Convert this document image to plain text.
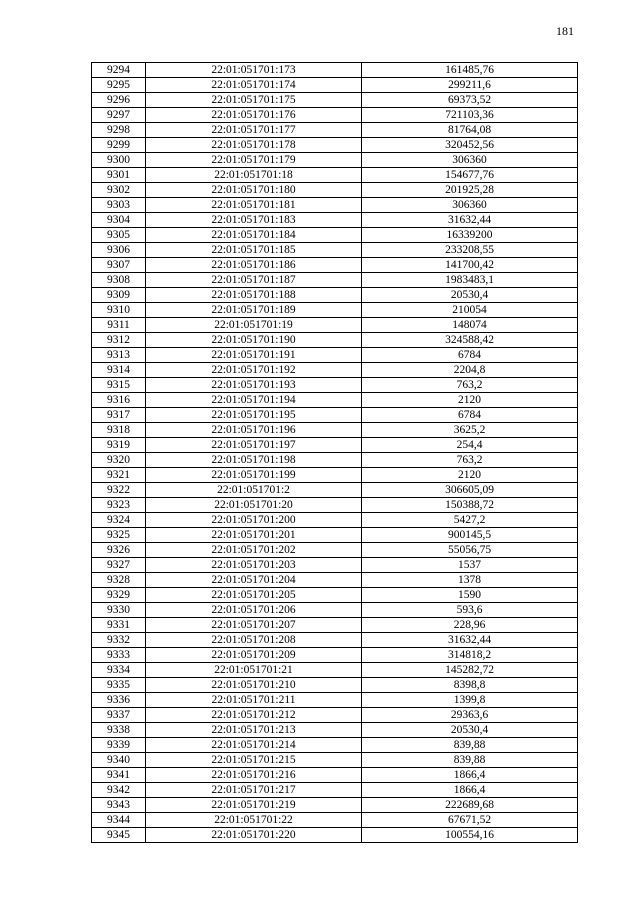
181
9294	22:01:051701:173	161485,76
9295	22:01:051701:174	299211,6
9296	22:01:051701:175	69373,52
9297	22:01:051701:176	721103,36
9298	22:01:051701:177	81764,08
9299	22:01:051701:178	320452,56
9300	22:01:051701:179	306360
9301	22:01:051701:18	154677,76
9302	22:01:051701:180	201925,28
9303	22:01:051701:181	306360
9304	22:01:051701:183	31632,44
9305	22:01:051701:184	16339200
9306	22:01:051701:185	233208,55
9307	22:01:051701:186	141700,42
9308	22:01:051701:187	1983483,1
9309	22:01:051701:188	20530,4
9310	22:01:051701:189	210054
9311	22:01:051701:19	148074
9312	22:01:051701:190	324588,42
9313	22:01:051701:191	6784
9314	22:01:051701:192	2204,8
9315	22:01:051701:193	763,2
9316	22:01:051701:194	2120
9317	22:01:051701:195	6784
9318	22:01:051701:196	3625,2
9319	22:01:051701:197	254,4
9320	22:01:051701:198	763,2
9321	22:01:051701:199	2120
9322	22:01:051701:2	306605,09
9323	22:01:051701:20	150388,72
9324	22:01:051701:200	5427,2
9325	22:01:051701:201	900145,5
9326	22:01:051701:202	55056,75
9327	22:01:051701:203	1537
9328	22:01:051701:204	1378
9329	22:01:051701:205	1590
9330	22:01:051701:206	593,6
9331	22:01:051701:207	228,96
9332	22:01:051701:208	31632,44
9333	22:01:051701:209	314818,2
9334	22:01:051701:21	145282,72
9335	22:01:051701:210	8398,8
9336	22:01:051701:211	1399,8
9337	22:01:051701:212	29363,6
9338	22:01:051701:213	20530,4
9339	22:01:051701:214	839,88
9340	22:01:051701:215	839,88
9341	22:01:051701:216	1866,4
9342	22:01:051701:217	1866,4
9343	22:01:051701:219	222689,68
9344	22:01:051701:22	67671,52
9345	22:01:051701:220	100554,16
